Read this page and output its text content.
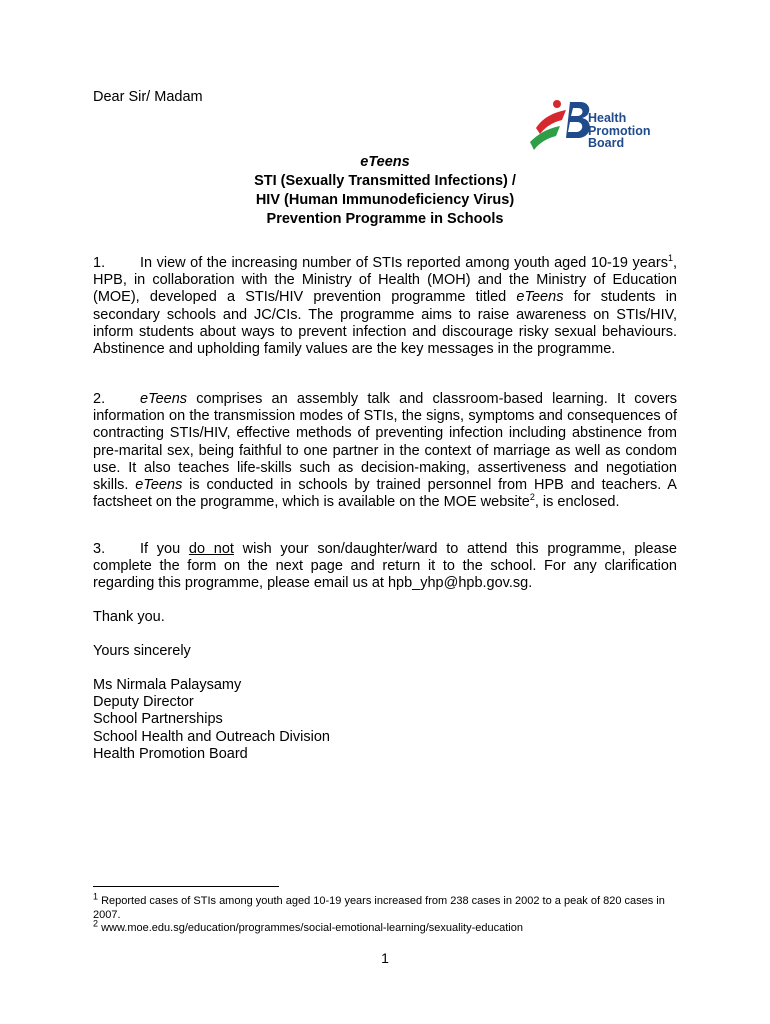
Dear Sir/ Madam
Health
Promotion
Board
eTeens
STI (Sexually Transmitted Infections) /
HIV (Human Immunodeficiency Virus)
Prevention Programme in Schools
1. In view of the increasing number of STIs reported among youth aged 10-19 years$^1$, HPB, in collaboration with the Ministry of Health (MOH) and the Ministry of Education (MOE), developed a STIs/HIV prevention programme titled eTeens for students in secondary schools and JC/CIs. The programme aims to raise awareness on STIs/HIV, inform students about ways to prevent infection and discourage risky sexual behaviours. Abstinence and upholding family values are the key messages in the programme.
2. eTeens comprises an assembly talk and classroom-based learning. It covers information on the transmission modes of STIs, the signs, symptoms and consequences of contracting STIs/HIV, effective methods of preventing infection including abstinence from pre-marital sex, being faithful to one partner in the context of marriage as well as condom use. It also teaches life-skills such as decision-making, assertiveness and negotiation skills. eTeens is conducted in schools by trained personnel from HPB and teachers. A factsheet on the programme, which is available on the MOE website$^2$, is enclosed.
3. If you do not wish your son/daughter/ward to attend this programme, please complete the form on the next page and return it to the school. For any clarification regarding this programme, please email us at hpb_yhp@hpb.gov.sg.
Thank you.
Yours sincerely
Ms Nirmala Palaysamy
Deputy Director
School Partnerships
School Health and Outreach Division
Health Promotion Board
$^1$ Reported cases of STIs among youth aged 10-19 years increased from 238 cases in 2002 to a peak of 820 cases in 2007.
$^2$ www.moe.edu.sg/education/programmes/social-emotional-learning/sexuality-education
1
